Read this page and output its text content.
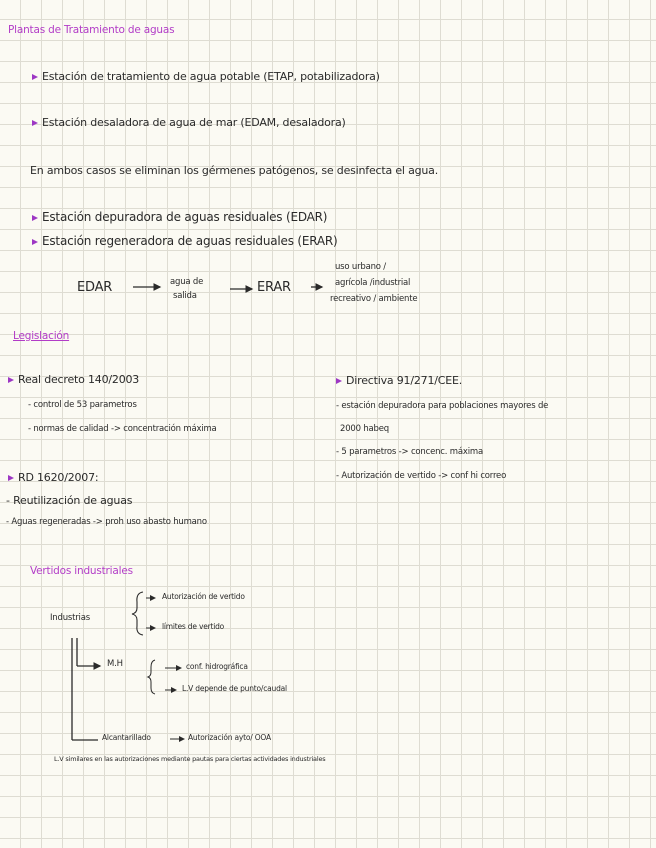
Plantas de Tratamiento de aguas
Estación de tratamiento de agua potable (ETAP, potabilizadora)
Estación desaladora de agua de mar (EDAM, desaladora)
En ambos casos se eliminan los gérmenes patógenos, se desinfecta el agua.
Estación depuradora de aguas residuales (EDAR)
Estación regeneradora de aguas residuales (ERAR)
EDAR	agua de
salida
ERAR
uso urbano /
agrícola /industrial
recreativo / ambiente
Legislación
Real decreto 140/2003
- control de 53 parametros
- normas de calidad -> concentración máxima
RD 1620/2007:
- Reutilización de aguas
- Aguas regeneradas -> proh uso abasto humano
Directiva 91/271/CEE.
- estación depuradora para poblaciones mayores de
2000 habeq
- 5 parametros -> concenc. máxima
- Autorización de vertido -> conf hi correo
Vertidos industriales
Industrias
Autorización de vertido
límites de vertido
M.H	conf. hidrográfica
L.V depende de punto/caudal
Alcantarillado	Autorización ayto/ OOA
L.V similares en las autorizaciones mediante pautas para ciertas actividades industriales
